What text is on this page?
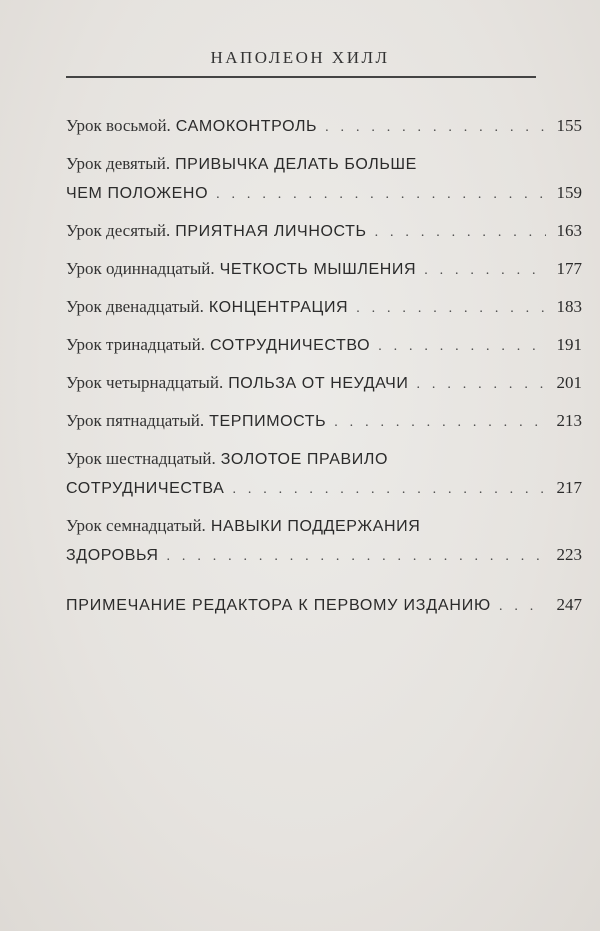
НАПОЛЕОН ХИЛЛ
Урок восьмой. САМОКОНТРОЛЬ . . .	155
Урок девятый. ПРИВЫЧКА ДЕЛАТЬ БОЛЬШЕ
ЧЕМ ПОЛОЖЕНО . . .	159
Урок десятый. ПРИЯТНАЯ ЛИЧНОСТЬ . . .	163
Урок одиннадцатый. ЧЕТКОСТЬ МЫШЛЕНИЯ . . .	177
Урок двенадцатый. КОНЦЕНТРАЦИЯ . . .	183
Урок тринадцатый. СОТРУДНИЧЕСТВО . . .	191
Урок четырнадцатый. ПОЛЬЗА ОТ НЕУДАЧИ . . .	201
Урок пятнадцатый. ТЕРПИМОСТЬ . . .	213
Урок шестнадцатый. ЗОЛОТОЕ ПРАВИЛО
СОТРУДНИЧЕСТВА . . .	217
Урок семнадцатый. НАВЫКИ ПОДДЕРЖАНИЯ
ЗДОРОВЬЯ . . .	223
ПРИМЕЧАНИЕ РЕДАКТОРА К ПЕРВОМУ ИЗДАНИЮ . . .	247
